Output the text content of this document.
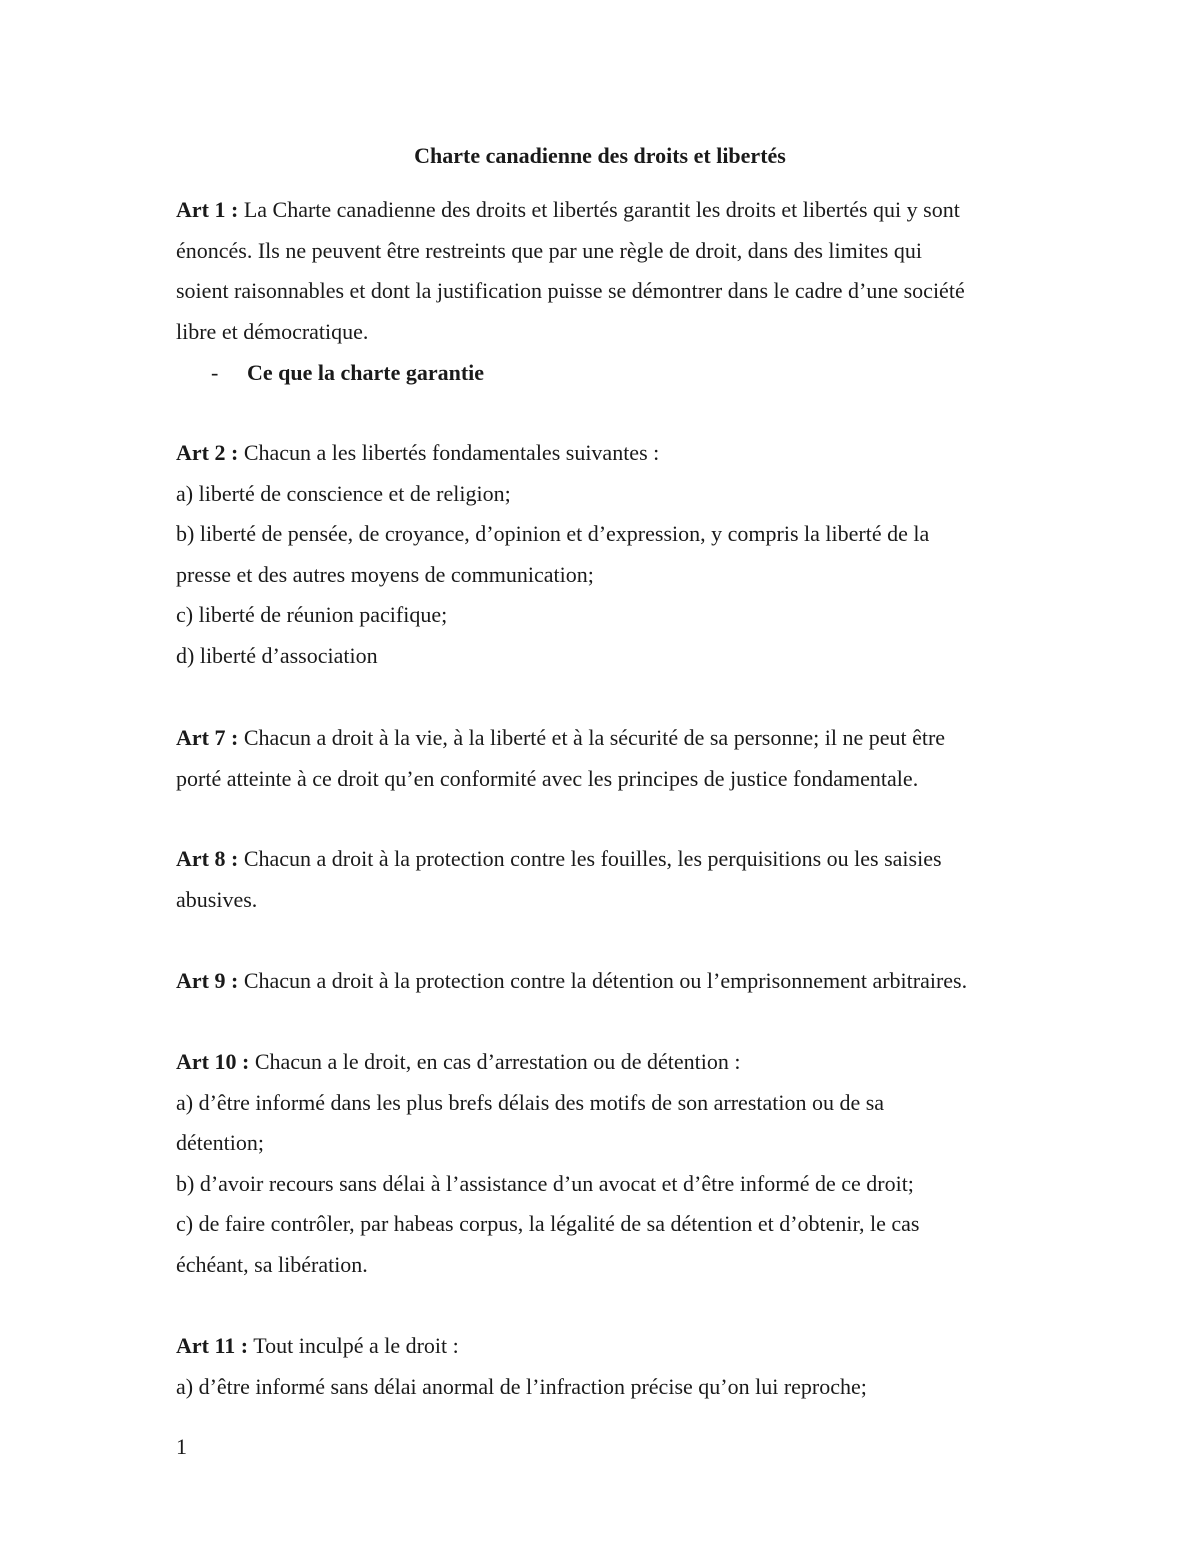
Charte canadienne des droits et libertés
Art 1 : La Charte canadienne des droits et libertés garantit les droits et libertés qui y sont
énoncés. Ils ne peuvent être restreints que par une règle de droit, dans des limites qui
soient raisonnables et dont la justification puisse se démontrer dans le cadre d’une société
libre et démocratique.
- Ce que la charte garantie
Art 2 : Chacun a les libertés fondamentales suivantes :
a) liberté de conscience et de religion;
b) liberté de pensée, de croyance, d’opinion et d’expression, y compris la liberté de la
presse et des autres moyens de communication;
c) liberté de réunion pacifique;
d) liberté d’association
Art 7 : Chacun a droit à la vie, à la liberté et à la sécurité de sa personne; il ne peut être
porté atteinte à ce droit qu’en conformité avec les principes de justice fondamentale.
Art 8 : Chacun a droit à la protection contre les fouilles, les perquisitions ou les saisies
abusives.
Art 9 : Chacun a droit à la protection contre la détention ou l’emprisonnement arbitraires.
Art 10 : Chacun a le droit, en cas d’arrestation ou de détention :
a) d’être informé dans les plus brefs délais des motifs de son arrestation ou de sa
détention;
b) d’avoir recours sans délai à l’assistance d’un avocat et d’être informé de ce droit;
c) de faire contrôler, par habeas corpus, la légalité de sa détention et d’obtenir, le cas
échéant, sa libération.
Art 11 : Tout inculpé a le droit :
a) d’être informé sans délai anormal de l’infraction précise qu’on lui reproche;
1
